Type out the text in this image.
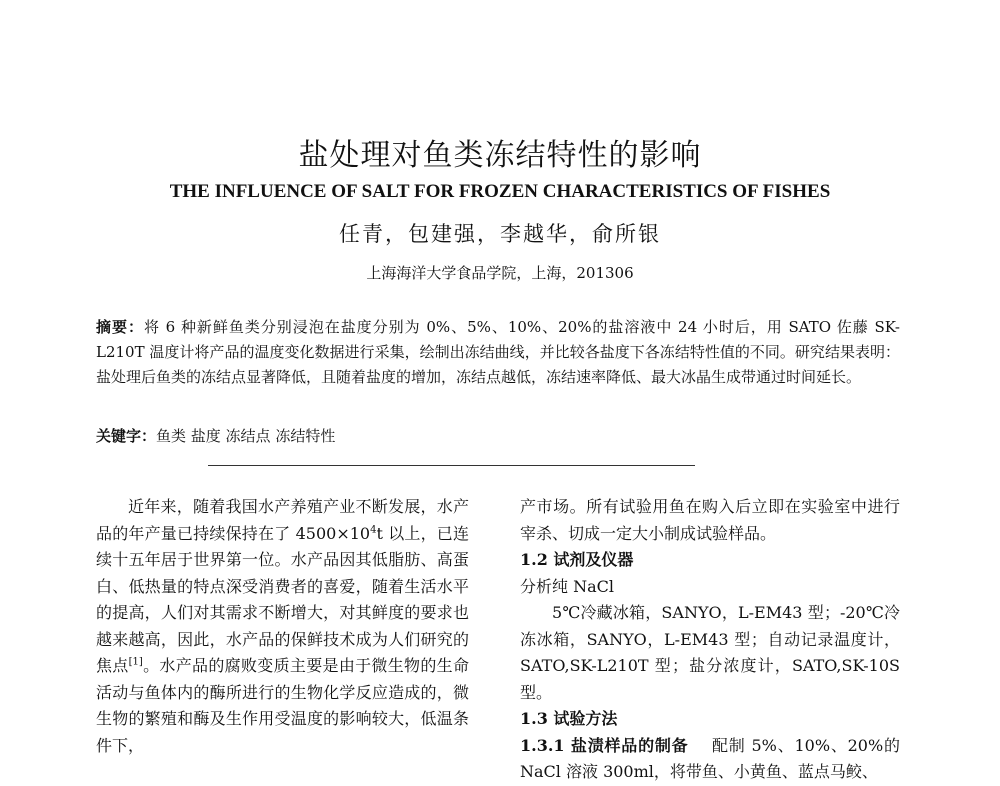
盐处理对鱼类冻结特性的影响
THE INFLUENCE OF SALT FOR FROZEN CHARACTERISTICS OF FISHES
任青，包建强，李越华，俞所银
上海海洋大学食品学院，上海，201306
摘要：将 6 种新鲜鱼类分别浸泡在盐度分别为 0%、5%、10%、20%的盐溶液中 24 小时后，用 SATO 佐藤 SK-L210T 温度计将产品的温度变化数据进行采集，绘制出冻结曲线，并比较各盐度下各冻结特性值的不同。研究结果表明：盐处理后鱼类的冻结点显著降低，且随着盐度的增加，冻结点越低，冻结速率降低、最大冰晶生成带通过时间延长。
关键字：鱼类 盐度 冻结点 冻结特性

近年来，随着我国水产养殖产业不断发展，水产品的年产量已持续保持在了 $4500\times 10^4t$ 以上，已连续十五年居于世界第一位。水产品因其低脂肪、高蛋白、低热量的特点深受消费者的喜爱，随着生活水平的提高，人们对其需求不断增大，对其鲜度的要求也越来越高，因此，水产品的保鲜技术成为人们研究的焦点[1]。水产品的腐败变质主要是由于微生物的生命活动与鱼体内的酶所进行的生物化学反应造成的，微生物的繁殖和酶及生作用受温度的影响较大，低温条件下，

产市场。所有试验用鱼在购入后立即在实验室中进行宰杀、切成一定大小制成试验样品。

1.2 试剂及仪器

分析纯 NaCl

5℃冷藏冰箱，SANYO，L-EM43 型；-20℃冷冻冰箱，SANYO，L-EM43 型；自动记录温度计，SATO,SK-L210T 型；盐分浓度计，SATO,SK-10S 型。

1.3 试验方法

1.3.1 盐渍样品的制备 配制 5%、10%、20%的 NaCl 溶液 300ml，将带鱼、小黄鱼、蓝点马鲛、
